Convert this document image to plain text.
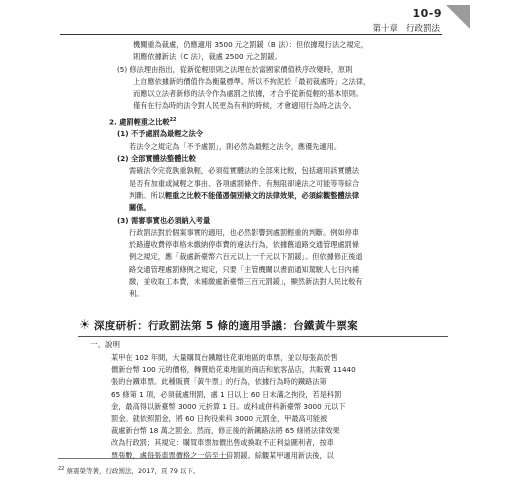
10-9
第十章 行政罰法

機關重為裁處，仍應適用 3500 元之罰鍰（B 法）：但依據現行法之規定，

則應依據新法（C 法），裁處 2500 元之罰鍰。

(5) 修法理由指出，從新從輕原則之法理在於當國家價值秩序改變時，原則

上自應依據新的價值作為衡量標準。所以不拘泥於「最初裁處時」之法律，

而應以立法者新修的法令作為處罰之依據，才合乎從新從輕的基本原則。

僅有在行為時的法令對人民更為有利的時候，才會適用行為時之法令。

2. 處罰輕重之比較$^{22}$

(1) 不予處罰為最輕之法令

若法令之規定為「不予處罰」，則必然為最輕之法令，應優先適用。

(2) 全部實體法整體比較

需確法令完竟孰重孰輕，必須從實體法的全部來比較，包括適用該實體法

是否有加重或減輕之事由、各項處罰條件、有無阻卻違法之可能等等綜合

判斷。所以輕重之比較不能僅憑個別條文的法律效果，必須綜觀整體法律

關係。

(3) 需審事實也必須納入考量

行政罰法對於個案事實的適用，也必然影響到處罰輕重的判斷。例如停車

於路邊收費停車格未繳納停車費的違法行為，依據舊道路交通管理處罰條

例之規定，應「裁處新臺幣六百元以上一千元以下罰鍰」。但依據修正後道

路交通管理處罰條例之規定，只要「主管機關以書面通知駕駛人七日內補

繳，並收取工本費，未補繳處新臺幣三百元罰鍰」，顯然新法對人民比較有

利。

☀ 深度研析：行政罰法第 5 條的適用爭議：台鐵黃牛票案
一、說明

某甲在 102 年間，大量購買台鐵贈往花東地區的車票，並以每張高於售

價新台幣 100 元的價格，轉賣給花東地區的商店和旅客品店，共販賣 11440

張的台鐵車票。此種販賣「黃牛票」的行為，依據行為時的鐵路法第

65 條第 1 項，必須裁處刑罰，處 1 日以上 60 日未滿之拘役，若是科罰

金，最高得以新臺幣 3000 元折算 1 日。或科或併科新臺幣 3000 元以下

罰金。就依照罰金，將 60 日拘役乘科 3000 元罰金，甲最高可能被

裁處新台幣 18 萬之罰金。然而，修正後的新鐵路法將 65 條將法律效果

改為行政罰；其規定：購買車票加價出售或換取不正利益圖利者，按車

票張數，處每張車票價格之一倍至十倍罰鍰。綜觀某甲適用新法後，以

$^{22}$ 蔡震榮等著，行政罰法，2017，頁 79 以下。
